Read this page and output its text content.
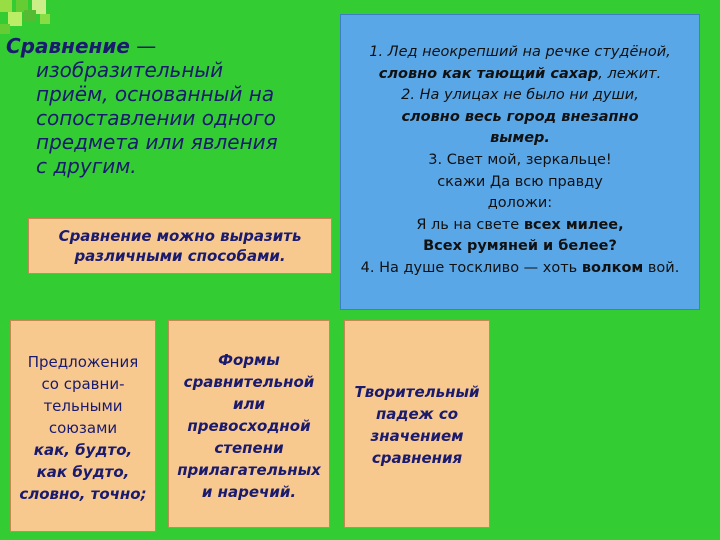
Сравнение —
изобразительный
приём, основанный на
сопоставлении одного
предмета или явления
с другим.
Сравнение можно выразить
различными способами.
1. Лед неокрепший на речке студёной,
словно как тающий сахар, лежит.
2. На улицах не было ни души,
словно весь город внезапно
вымер.
3. Свет мой, зеркальце!
скажи Да всю правду
доложи:
Я ль на свете всех милее,
Всех румяней и белее?
4. На душе тоскливо — хоть волком вой.
Предложения
со сравни-
тельными
союзами
как, будто,
как будто,
словно, точно;
Формы
сравнительной
или
превосходной
степени
прилагательных
и наречий.
Творительный
падеж со
значением
сравнения
